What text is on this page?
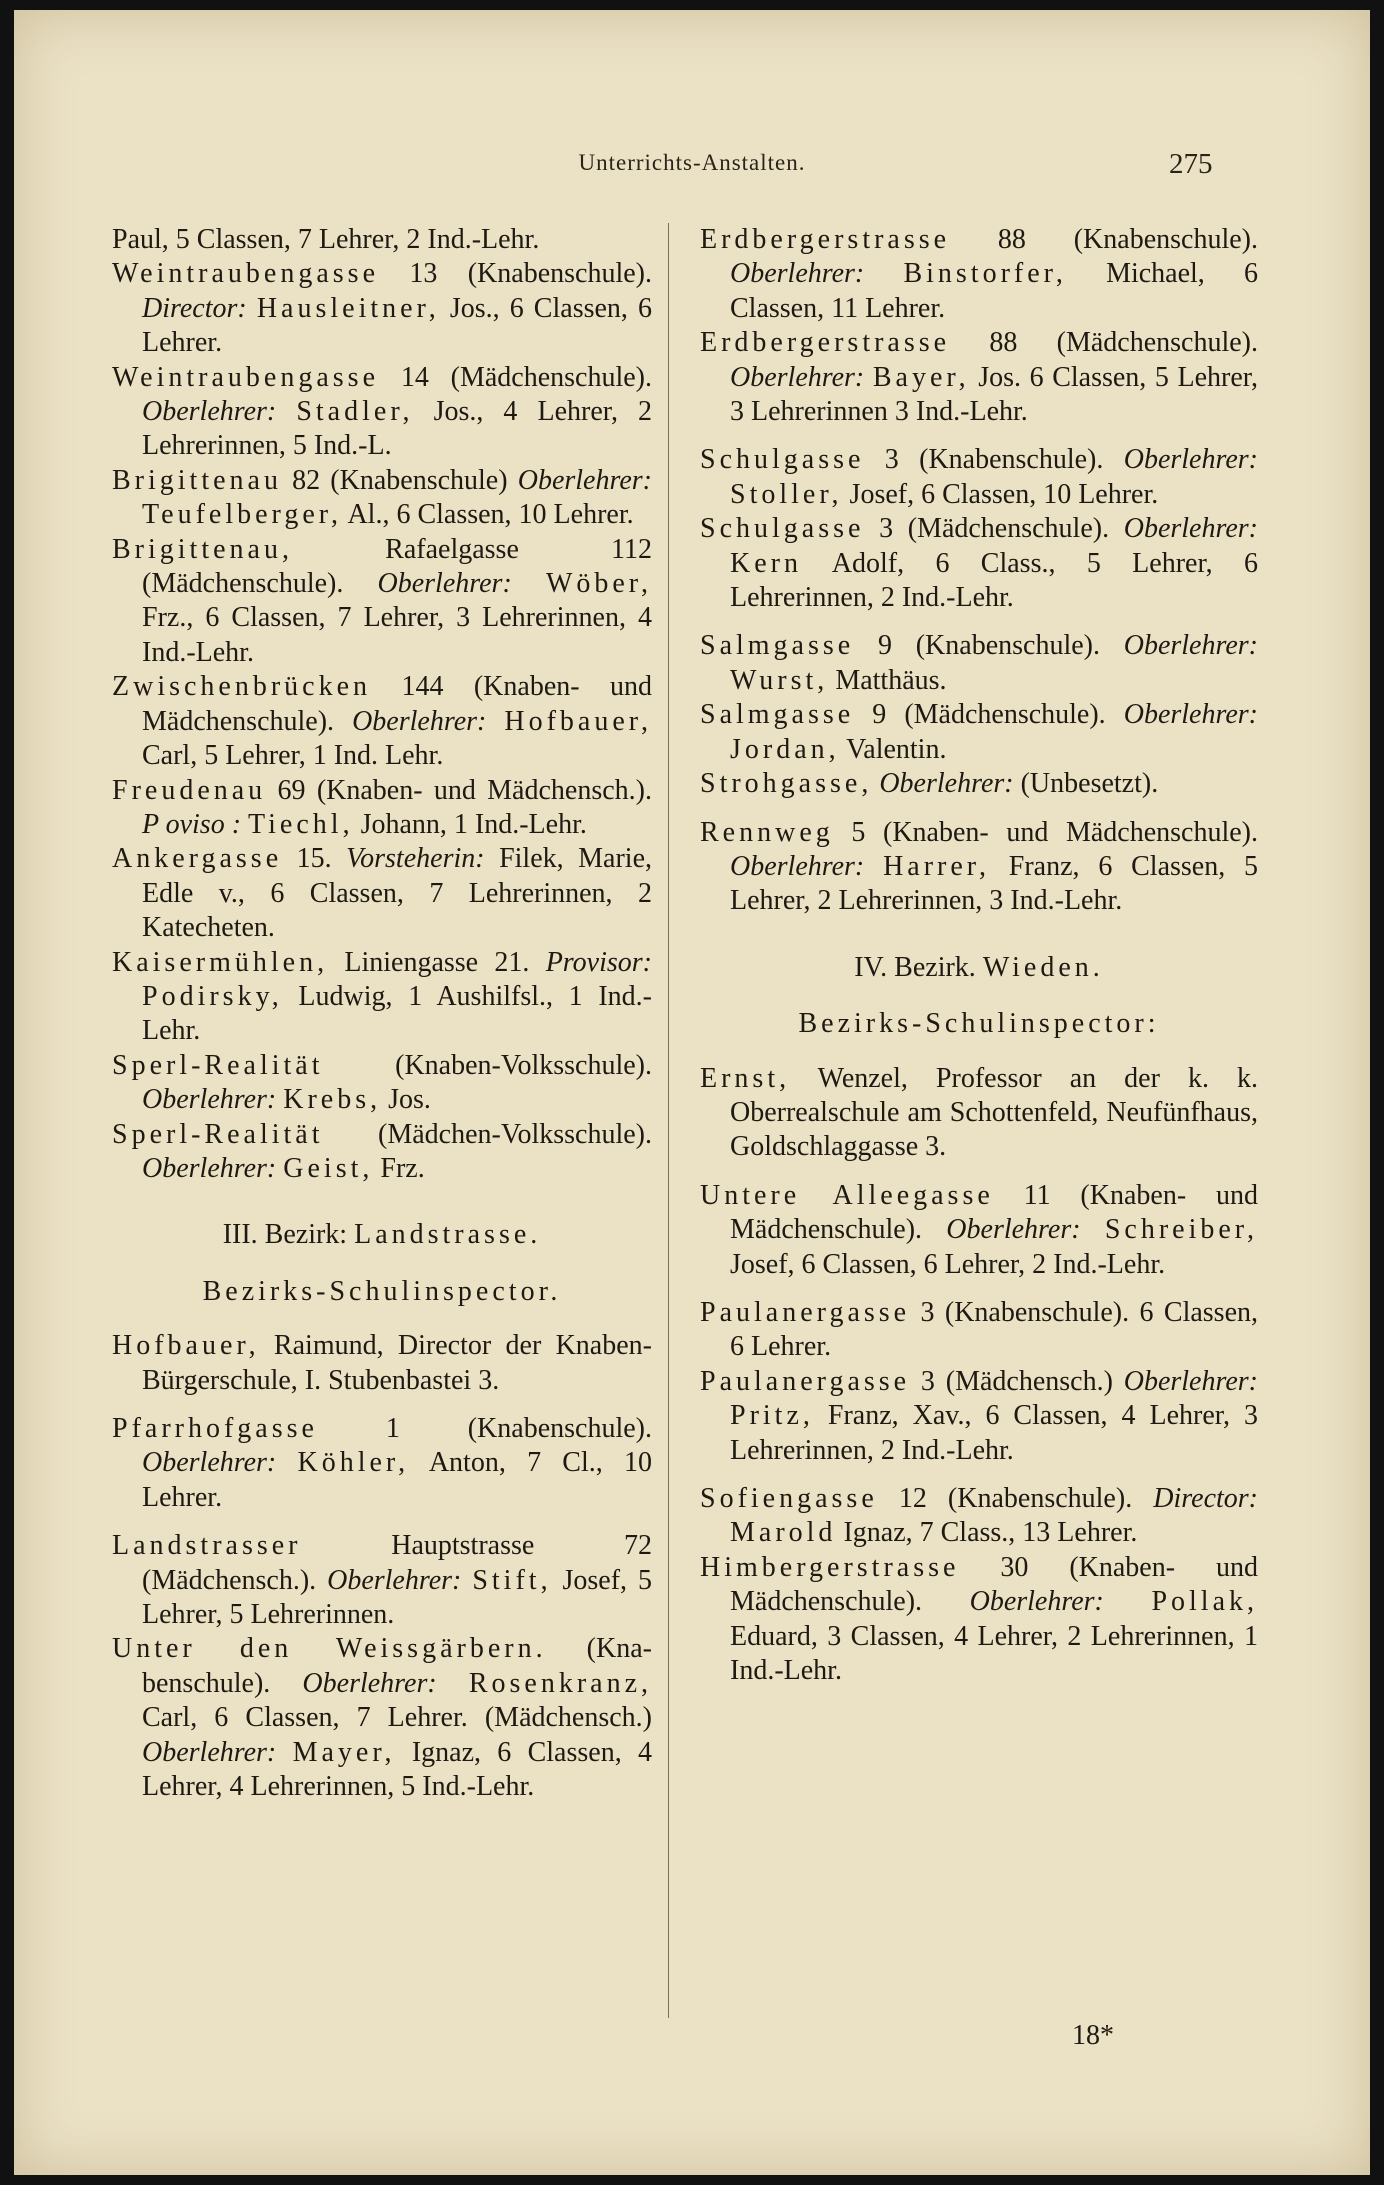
Unterrichts-Anstalten.	275

Paul, 5 Classen, 7 Lehrer, 2 Ind.-Lehr.

Weintraubengasse 13 (Knabenschule). Director: Hausleitner, Jos., 6 Classen, 6 Lehrer.

Weintraubengasse 14 (Mädchenschule). Oberlehrer: Stadler, Jos., 4 Lehrer, 2 Lehrerinnen, 5 Ind.-L.

Brigittenau 82 (Knabenschule) Oberlehrer: Teufelberger, Al., 6 Classen, 10 Lehrer.

Brigittenau, Rafaelgasse 112 (Mädchenschule). Oberlehrer: Wöber, Frz., 6 Classen, 7 Lehrer, 3 Lehrerinnen, 4 Ind.-Lehr.

Zwischenbrücken 144 (Knaben- und Mädchenschule). Oberlehrer: Hofbauer, Carl, 5 Lehrer, 1 Ind. Lehr.

Freudenau 69 (Knaben- und Mädchensch.). P oviso : Tiechl, Johann, 1 Ind.-Lehr.

Ankergasse 15. Vorsteherin: Filek, Marie, Edle v., 6 Classen, 7 Lehrerinnen, 2 Katecheten.

Kaisermühlen, Liniengasse 21. Provisor: Podirsky, Ludwig, 1 Aushilfsl., 1 Ind.-Lehr.

Sperl-Realität (Knaben-Volksschule). Oberlehrer: Krebs, Jos.

Sperl-Realität (Mädchen-Volksschule). Oberlehrer: Geist, Frz.

III. Bezirk: Landstrasse.

Bezirks-Schulinspector.

Hofbauer, Raimund, Director der Knaben-Bürgerschule, I. Stubenbastei 3.

Pfarrhofgasse 1 (Knabenschule). Oberlehrer: Köhler, Anton, 7 Cl., 10 Lehrer.

Landstrasser Hauptstrasse 72 (Mädchensch.). Oberlehrer: Stift, Josef, 5 Lehrer, 5 Lehrerinnen.

Unter den Weissgärbern. (Knabenschule). Oberlehrer: Rosenkranz, Carl, 6 Classen, 7 Lehrer. (Mädchensch.) Oberlehrer: Mayer, Ignaz, 6 Classen, 4 Lehrer, 4 Lehrerinnen, 5 Ind.-Lehr.

Erdbergerstrasse 88 (Knabenschule). Oberlehrer: Binstorfer, Michael, 6 Classen, 11 Lehrer.

Erdbergerstrasse 88 (Mädchenschule). Oberlehrer: Bayer, Jos. 6 Classen, 5 Lehrer, 3 Lehrerinnen 3 Ind.-Lehr.

Schulgasse 3 (Knabenschule). Oberlehrer: Stoller, Josef, 6 Classen, 10 Lehrer.

Schulgasse 3 (Mädchenschule). Oberlehrer: Kern Adolf, 6 Class., 5 Lehrer, 6 Lehrerinnen, 2 Ind.-Lehr.

Salmgasse 9 (Knabenschule). Oberlehrer: Wurst, Matthäus.

Salmgasse 9 (Mädchenschule). Oberlehrer: Jordan, Valentin.

Strohgasse, Oberlehrer: (Unbesetzt).

Rennweg 5 (Knaben- und Mädchenschule). Oberlehrer: Harrer, Franz, 6 Classen, 5 Lehrer, 2 Lehrerinnen, 3 Ind.-Lehr.

IV. Bezirk. Wieden.

Bezirks-Schulinspector:

Ernst, Wenzel, Professor an der k. k. Oberrealschule am Schottenfeld, Neufünfhaus, Goldschlaggasse 3.

Untere Alleegasse 11 (Knaben- und Mädchenschule). Oberlehrer: Schreiber, Josef, 6 Classen, 6 Lehrer, 2 Ind.-Lehr.

Paulanergasse 3 (Knabenschule). 6 Classen, 6 Lehrer.

Paulanergasse 3 (Mädchensch.) Oberlehrer: Pritz, Franz, Xav., 6 Classen, 4 Lehrer, 3 Lehrerinnen, 2 Ind.-Lehr.

Sofiengasse 12 (Knabenschule). Director: Marold Ignaz, 7 Class., 13 Lehrer.

Himbergerstrasse 30 (Knaben- und Mädchenschule). Oberlehrer: Pollak, Eduard, 3 Classen, 4 Lehrer, 2 Lehrerinnen, 1 Ind.-Lehr.

18*
